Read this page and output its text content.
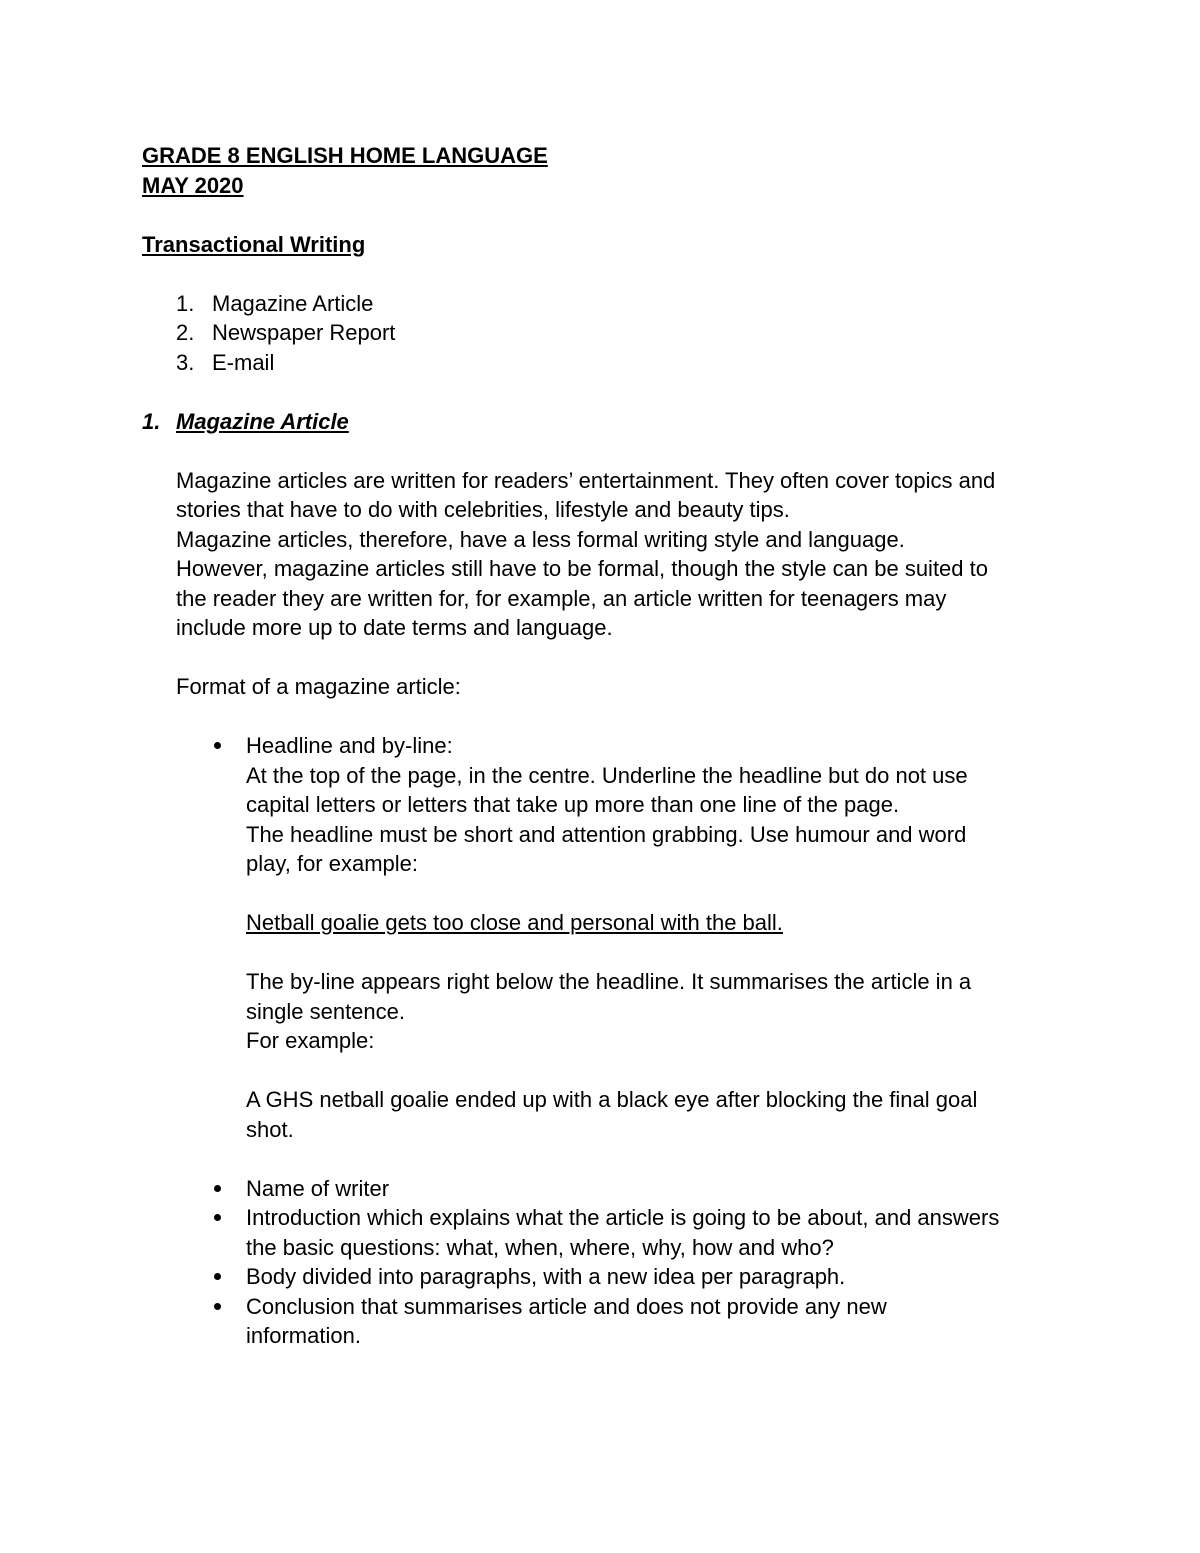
GRADE 8 ENGLISH HOME LANGUAGE

MAY 2020

Transactional Writing

1. Magazine Article
2. Newspaper Report
3. E-mail
1. Magazine Article
Magazine articles are written for readers’ entertainment. They often cover topics and
stories that have to do with celebrities, lifestyle and beauty tips.
Magazine articles, therefore, have a less formal writing style and language.
However, magazine articles still have to be formal, though the style can be suited to
the reader they are written for, for example, an article written for teenagers may
include more up to date terms and language.
Format of a magazine article:
Headline and by-line:
At the top of the page, in the centre. Underline the headline but do not use
capital letters or letters that take up more than one line of the page.
The headline must be short and attention grabbing. Use humour and word
play, for example:
Netball goalie gets too close and personal with the ball.
The by-line appears right below the headline. It summarises the article in a
single sentence.
For example:
A GHS netball goalie ended up with a black eye after blocking the final goal
shot.
Name of writer
Introduction which explains what the article is going to be about, and answers
the basic questions: what, when, where, why, how and who?
Body divided into paragraphs, with a new idea per paragraph.
Conclusion that summarises article and does not provide any new
information.
